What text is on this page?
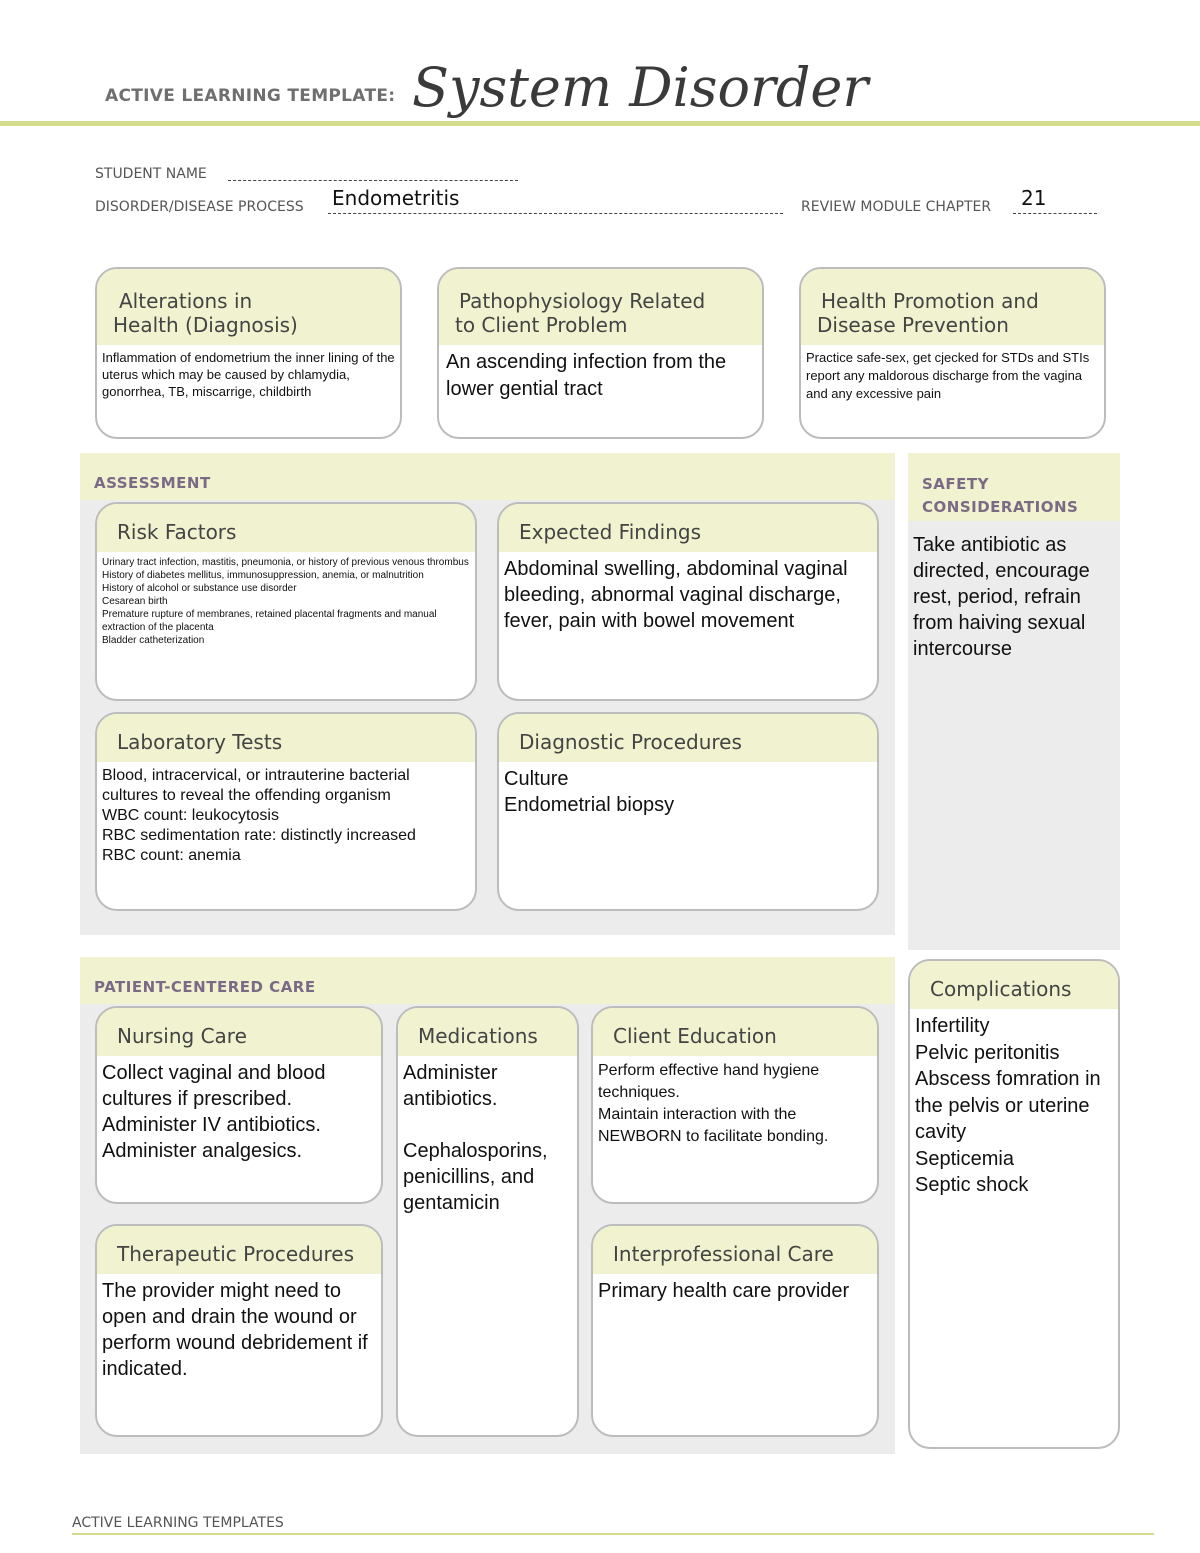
ACTIVE LEARNING TEMPLATE: System Disorder
STUDENT NAME
DISORDER/DISEASE PROCESS Endometritis	REVIEW MODULE CHAPTER 21
Alterations in
Health (Diagnosis)
Inflammation of endometrium the inner lining of the uterus which may be caused by chlamydia, gonorrhea, TB, miscarrige, childbirth
Pathophysiology Related
to Client Problem
An ascending infection from the lower gential tract
Health Promotion and
Disease Prevention
Practice safe-sex, get cjecked for STDs and STIs report any maldorous discharge from the vagina and any excessive pain
ASSESSMENT
Risk Factors
Urinary tract infection, mastitis, pneumonia, or history of previous venous thrombus
History of diabetes mellitus, immunosuppression, anemia, or malnutrition
History of alcohol or substance use disorder
Cesarean birth
Premature rupture of membranes, retained placental fragments and manual extraction of the placenta
Bladder catheterization
Expected Findings
Abdominal swelling, abdominal vaginal bleeding, abnormal vaginal discharge, fever, pain with bowel movement
Laboratory Tests
Blood, intracervical, or intrauterine bacterial cultures to reveal the offending organism
WBC count: leukocytosis
RBC sedimentation rate: distinctly increased
RBC count: anemia
Diagnostic Procedures
Culture
Endometrial biopsy
SAFETY
CONSIDERATIONS
Take antibiotic as directed, encourage rest, period, refrain from haiving sexual intercourse
PATIENT-CENTERED CARE
Nursing Care
Collect vaginal and blood cultures if prescribed.
Administer IV antibiotics.
Administer analgesics.
Medications
Administer antibiotics.
Cephalosporins, penicillins, and gentamicin
Client Education
Perform effective hand hygiene techniques.
Maintain interaction with the NEWBORN to facilitate bonding.
Therapeutic Procedures
The provider might need to open and drain the wound or perform wound debridement if indicated.
Interprofessional Care
Primary health care provider
Complications
Infertility
Pelvic peritonitis
Abscess fomration in the pelvis or uterine cavity
Septicemia
Septic shock
ACTIVE LEARNING TEMPLATES
